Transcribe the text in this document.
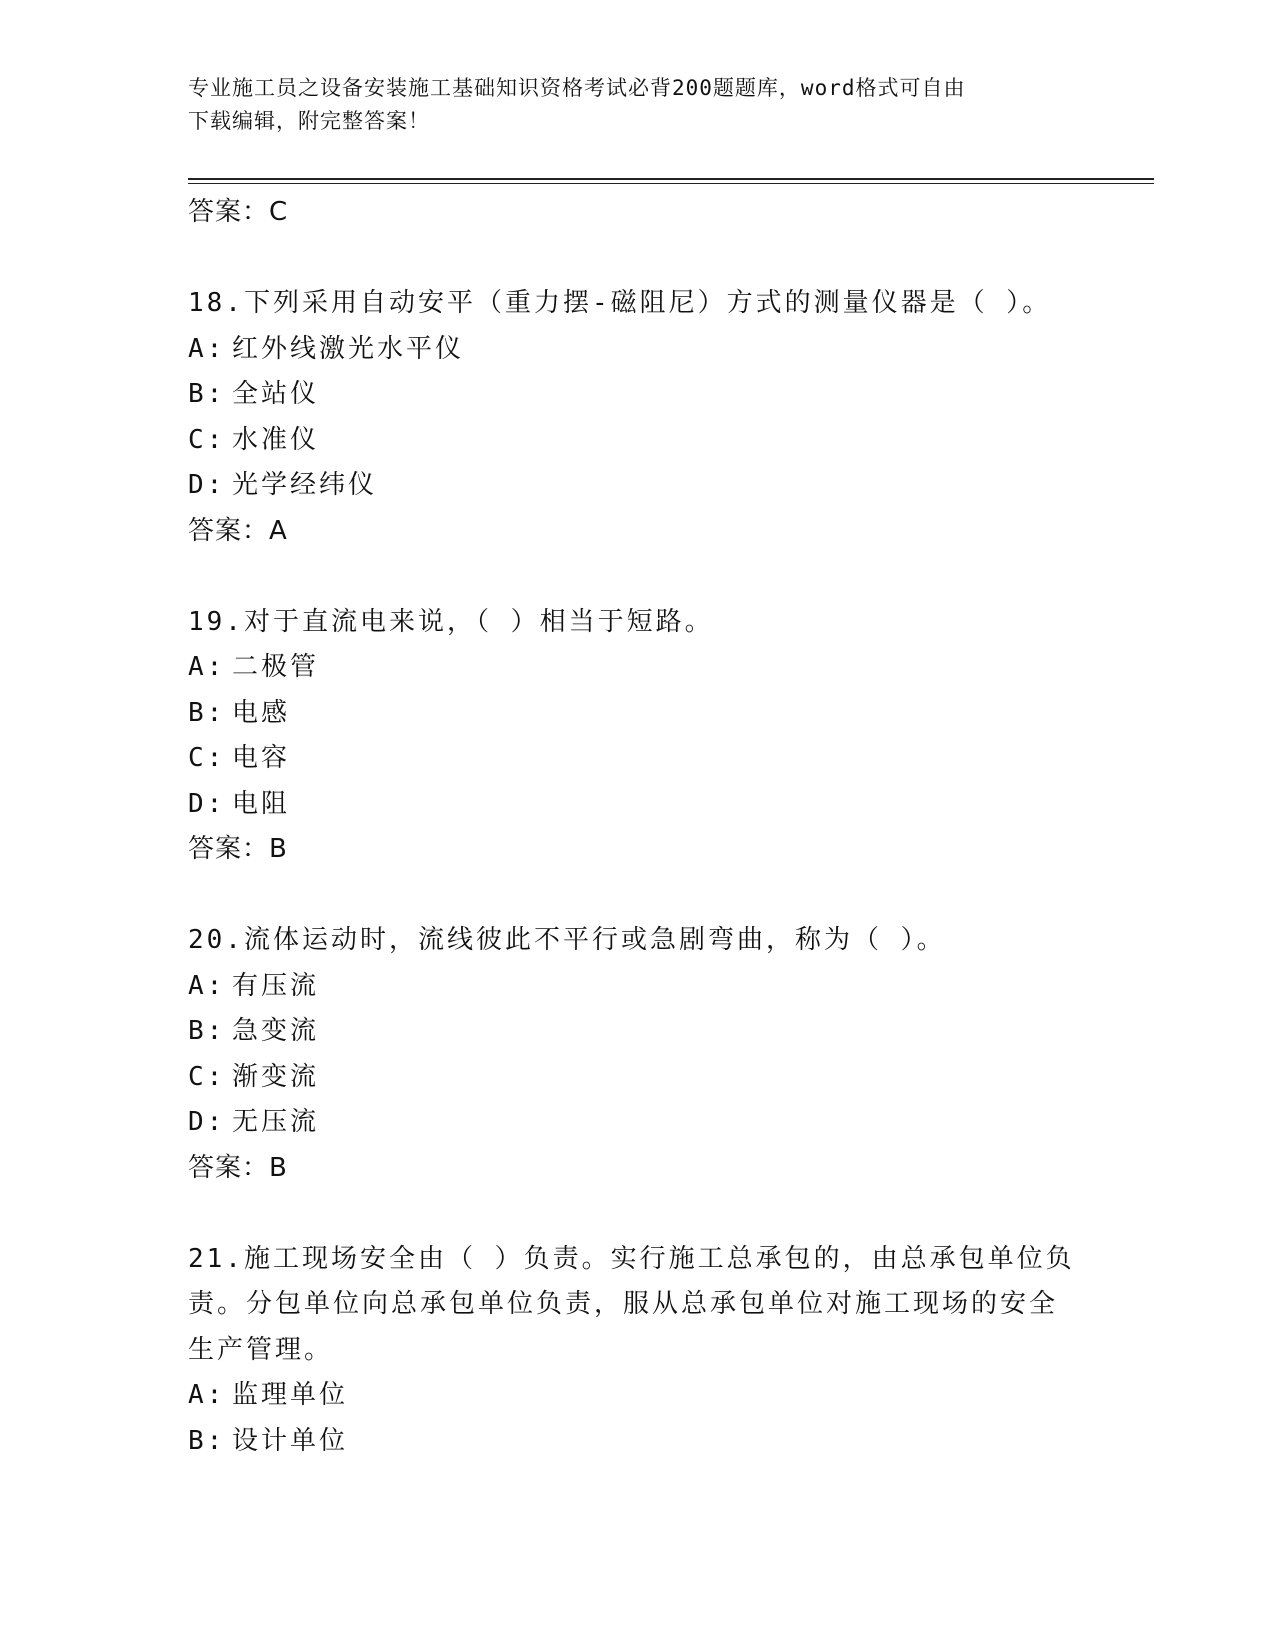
专业施工员之设备安装施工基础知识资格考试必背200题题库，word格式可自由
下载编辑，附完整答案！

答案：C

18.下列采用自动安平（重力摆-磁阻尼）方式的测量仪器是（ ）。

A: 红外线激光水平仪

B: 全站仪

C: 水准仪

D: 光学经纬仪

答案：A

19.对于直流电来说，（ ）相当于短路。

A: 二极管

B: 电感

C: 电容

D: 电阻

答案：B

20.流体运动时，流线彼此不平行或急剧弯曲，称为（ ）。

A: 有压流

B: 急变流

C: 渐变流

D: 无压流

答案：B

21.施工现场安全由（ ）负责。实行施工总承包的，由总承包单位负

责。分包单位向总承包单位负责，服从总承包单位对施工现场的安全

生产管理。

A: 监理单位

B: 设计单位
